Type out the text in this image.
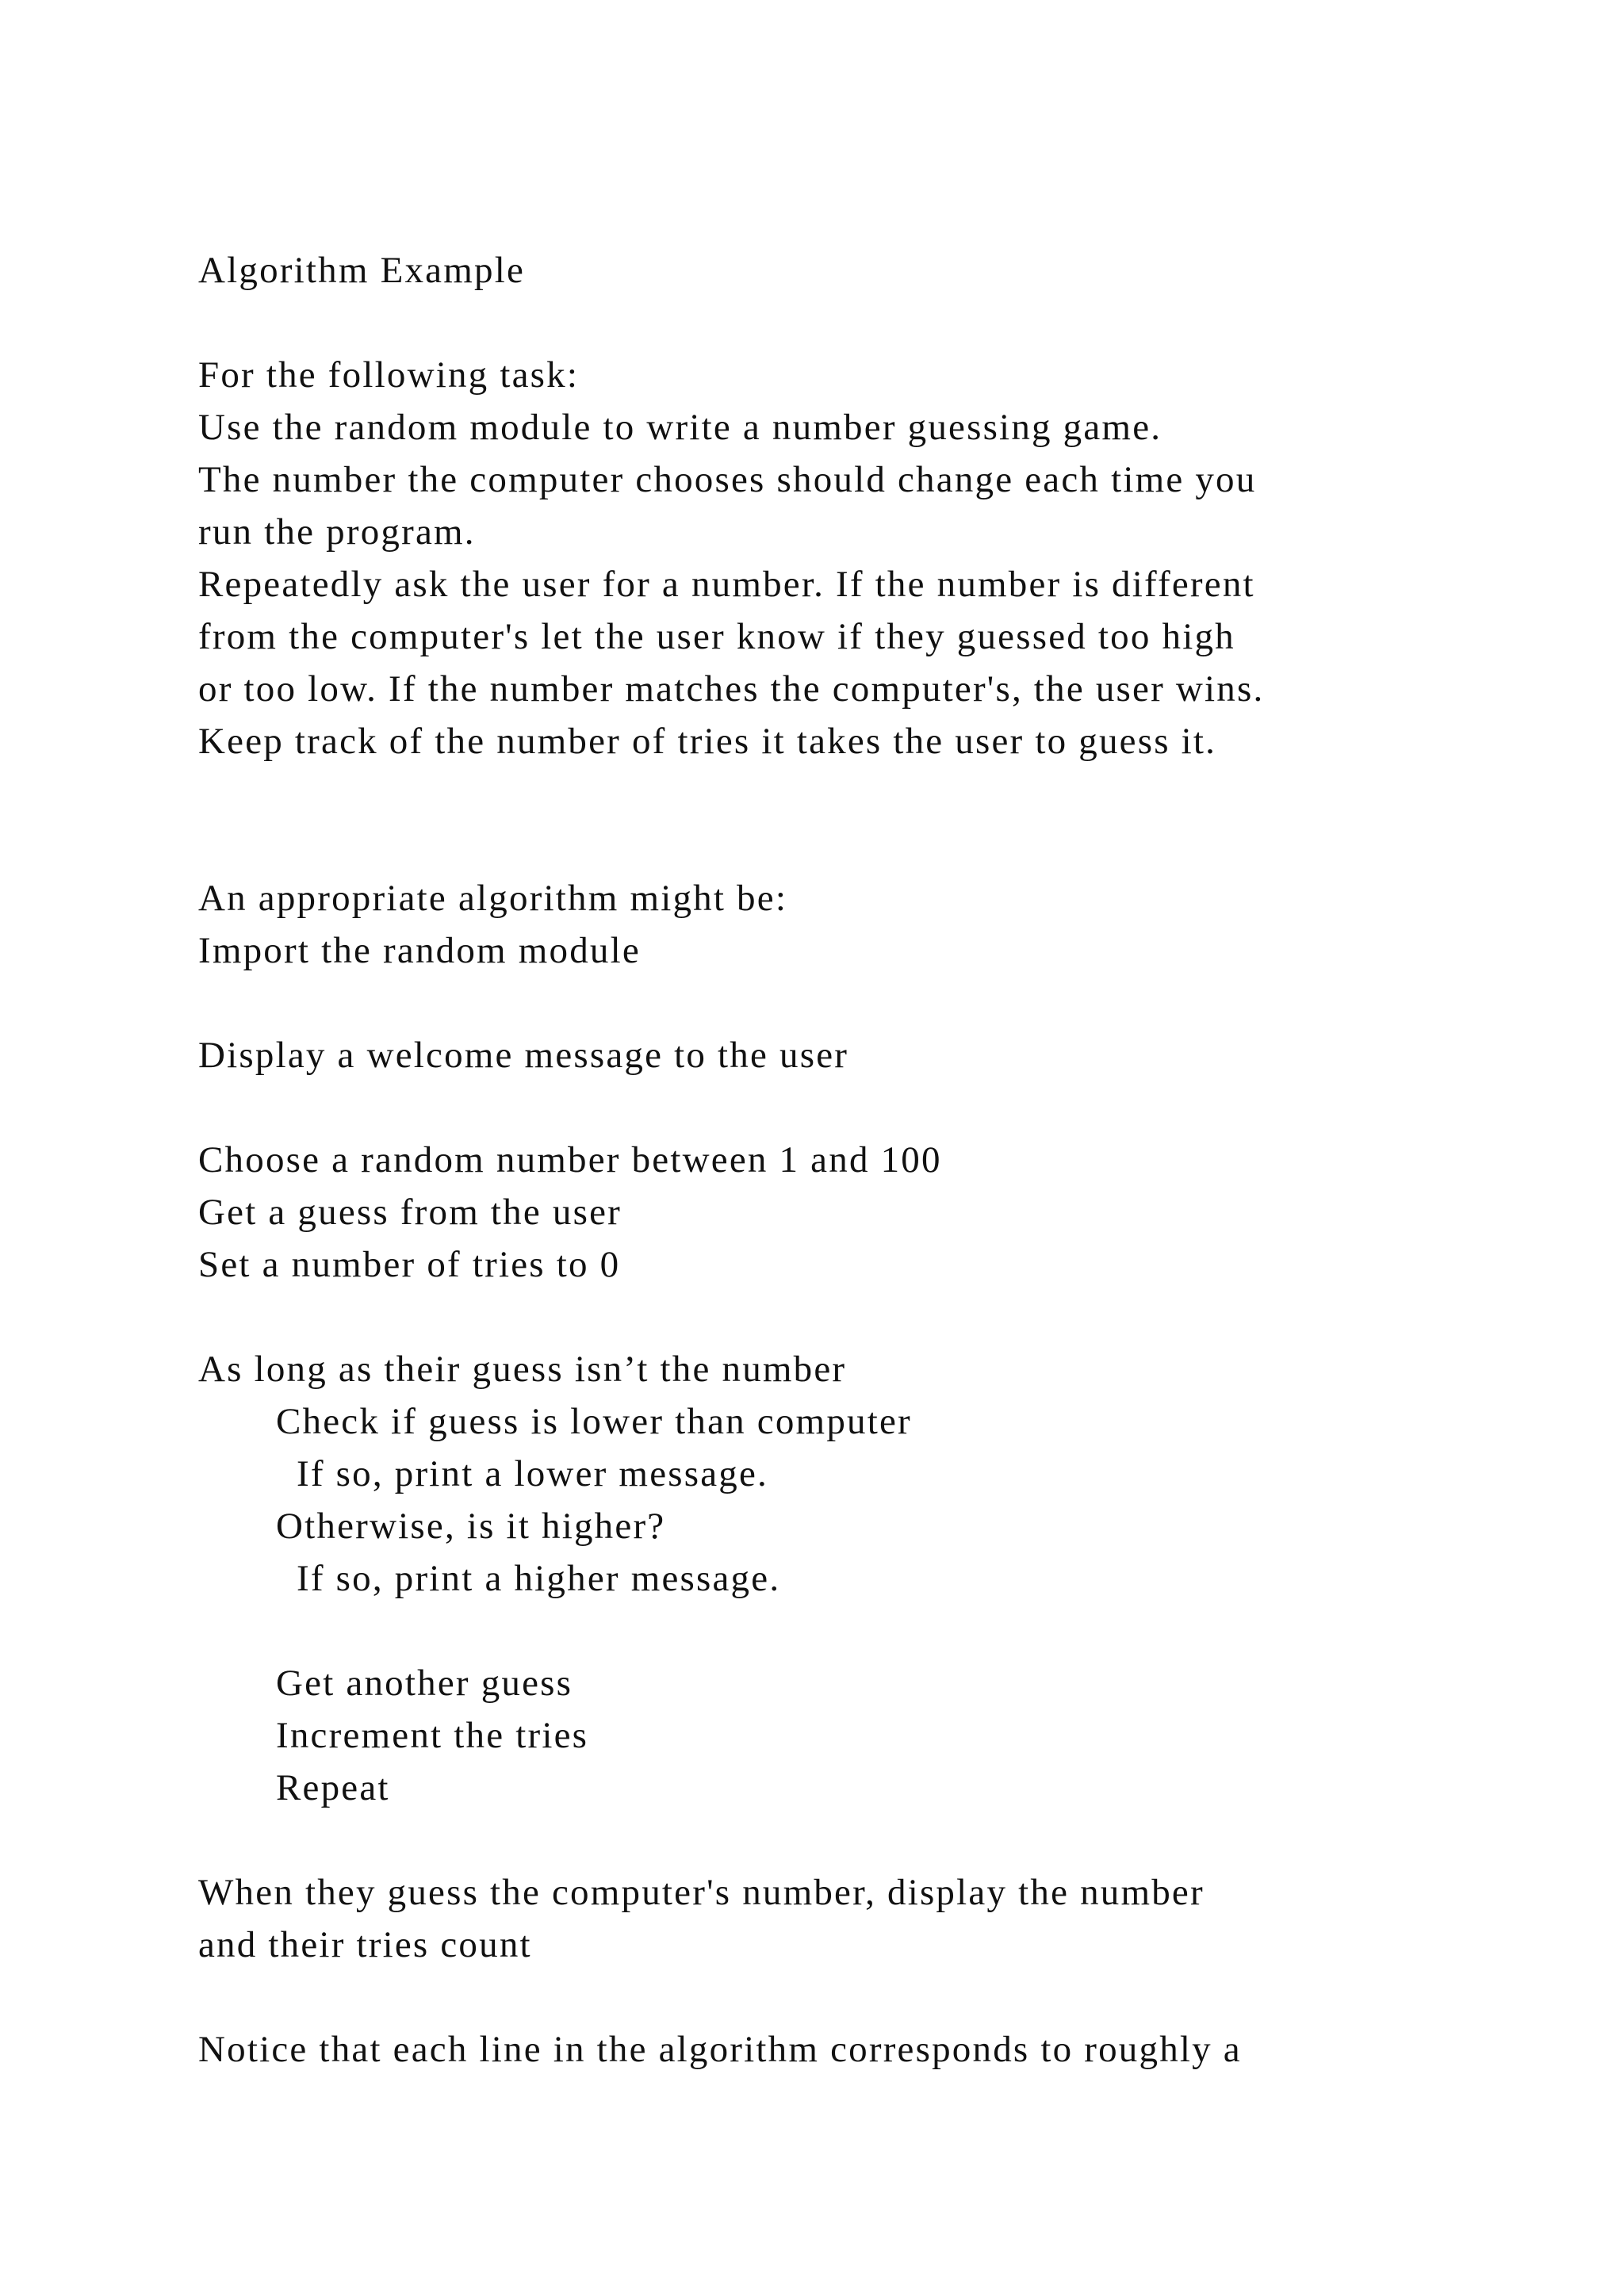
Algorithm Example
For the following task:
Use the random module to write a number guessing game.
The number the computer chooses should change each time you
run the program.
Repeatedly ask the user for a number. If the number is different
from the computer's let the user know if they guessed too high
or too low. If the number matches the computer's, the user wins.
Keep track of the number of tries it takes the user to guess it.
An appropriate algorithm might be:
Import the random module
Display a welcome message to the user
Choose a random number between 1 and 100
Get a guess from the user
Set a number of tries to 0
As long as their guess isn’t the number
Check if guess is lower than computer
If so, print a lower message.
Otherwise, is it higher?
If so, print a higher message.
Get another guess
Increment the tries
Repeat
When they guess the computer's number, display the number
and their tries count
Notice that each line in the algorithm corresponds to roughly a
